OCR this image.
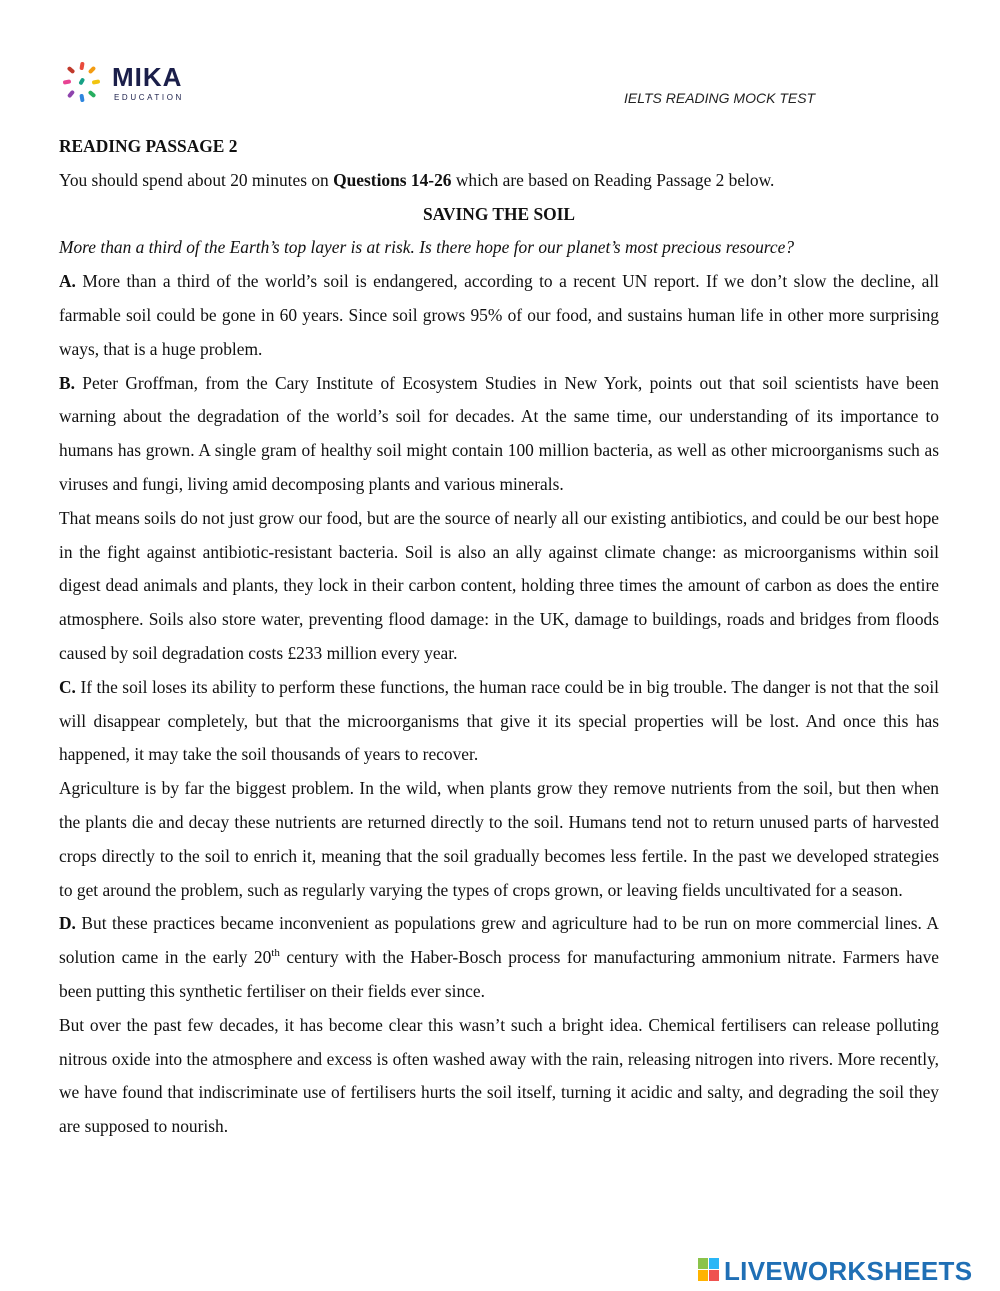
MIKA
EDUCATION	IELTS READING MOCK TEST

READING PASSAGE 2

You should spend about 20 minutes on Questions 14-26 which are based on Reading Passage 2 below.

SAVING THE SOIL

More than a third of the Earth’s top layer is at risk. Is there hope for our planet’s most precious resource?

A. More than a third of the world’s soil is endangered, according to a recent UN report. If we don’t slow the decline, all farmable soil could be gone in 60 years. Since soil grows 95% of our food, and sustains human life in other more surprising ways, that is a huge problem.

B. Peter Groffman, from the Cary Institute of Ecosystem Studies in New York, points out that soil scientists have been warning about the degradation of the world’s soil for decades. At the same time, our understanding of its importance to humans has grown. A single gram of healthy soil might contain 100 million bacteria, as well as other microorganisms such as viruses and fungi, living amid decomposing plants and various minerals.

That means soils do not just grow our food, but are the source of nearly all our existing antibiotics, and could be our best hope in the fight against antibiotic-resistant bacteria. Soil is also an ally against climate change: as microorganisms within soil digest dead animals and plants, they lock in their carbon content, holding three times the amount of carbon as does the entire atmosphere. Soils also store water, preventing flood damage: in the UK, damage to buildings, roads and bridges from floods caused by soil degradation costs £233 million every year.

C. If the soil loses its ability to perform these functions, the human race could be in big trouble. The danger is not that the soil will disappear completely, but that the microorganisms that give it its special properties will be lost. And once this has happened, it may take the soil thousands of years to recover.

Agriculture is by far the biggest problem. In the wild, when plants grow they remove nutrients from the soil, but then when the plants die and decay these nutrients are returned directly to the soil. Humans tend not to return unused parts of harvested crops directly to the soil to enrich it, meaning that the soil gradually becomes less fertile. In the past we developed strategies to get around the problem, such as regularly varying the types of crops grown, or leaving fields uncultivated for a season.

D. But these practices became inconvenient as populations grew and agriculture had to be run on more commercial lines. A solution came in the early 20th century with the Haber-Bosch process for manufacturing ammonium nitrate. Farmers have been putting this synthetic fertiliser on their fields ever since.

But over the past few decades, it has become clear this wasn’t such a bright idea. Chemical fertilisers can release polluting nitrous oxide into the atmosphere and excess is often washed away with the rain, releasing nitrogen into rivers. More recently, we have found that indiscriminate use of fertilisers hurts the soil itself, turning it acidic and salty, and degrading the soil they are supposed to nourish.

LIVEWORKSHEETS
